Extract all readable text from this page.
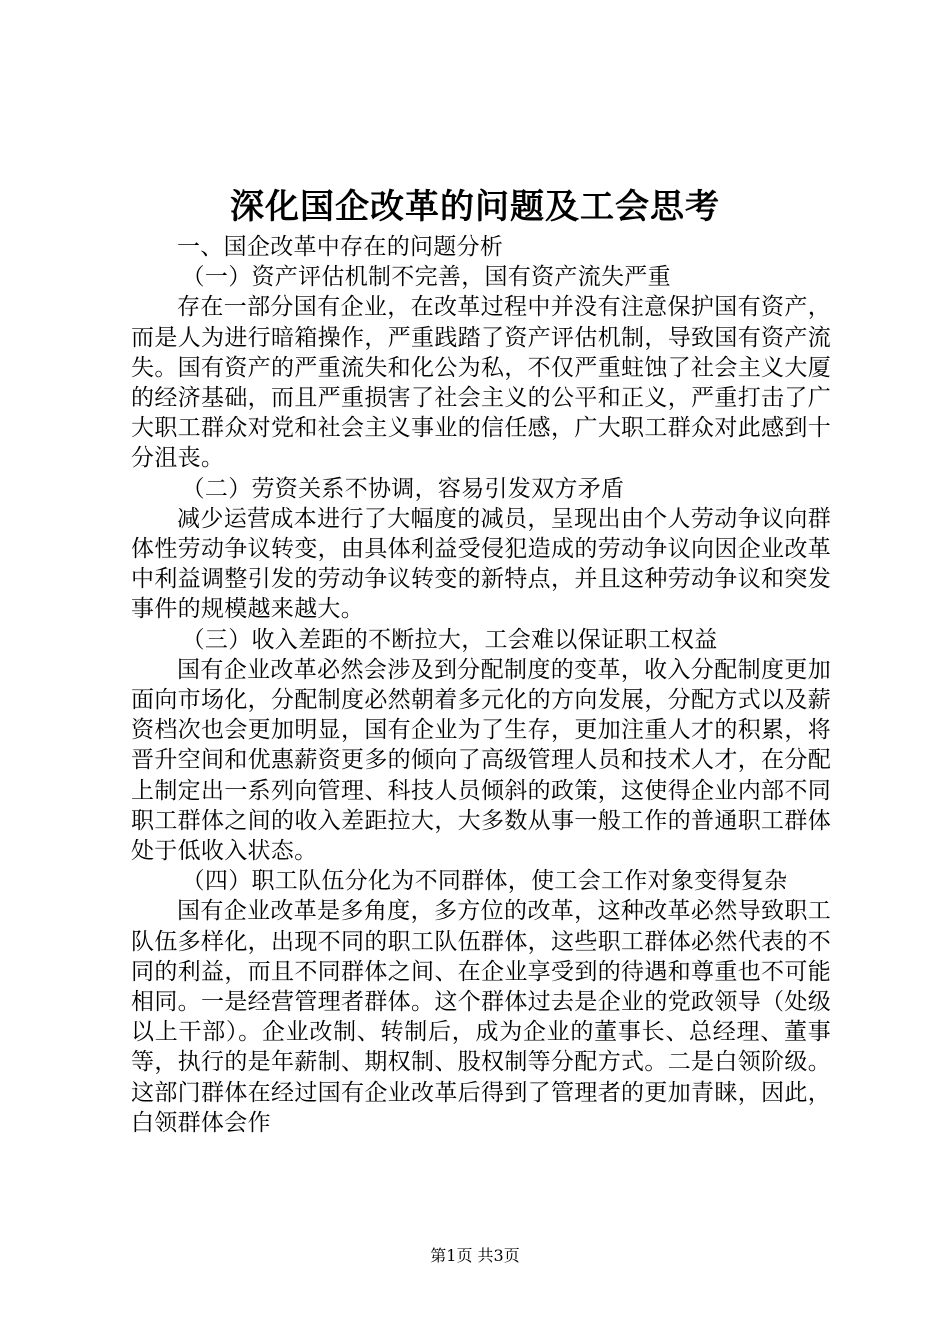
深化国企改革的问题及工会思考

一、国企改革中存在的问题分析

（一）资产评估机制不完善，国有资产流失严重

存在一部分国有企业，在改革过程中并没有注意保护国有资产，而是人为进行暗箱操作，严重践踏了资产评估机制，导致国有资产流失。国有资产的严重流失和化公为私，不仅严重蛀蚀了社会主义大厦的经济基础，而且严重损害了社会主义的公平和正义，严重打击了广大职工群众对党和社会主义事业的信任感，广大职工群众对此感到十分沮丧。

（二）劳资关系不协调，容易引发双方矛盾

减少运营成本进行了大幅度的减员，呈现出由个人劳动争议向群体性劳动争议转变，由具体利益受侵犯造成的劳动争议向因企业改革中利益调整引发的劳动争议转变的新特点，并且这种劳动争议和突发事件的规模越来越大。

（三）收入差距的不断拉大，工会难以保证职工权益

国有企业改革必然会涉及到分配制度的变革，收入分配制度更加面向市场化，分配制度必然朝着多元化的方向发展，分配方式以及薪资档次也会更加明显，国有企业为了生存，更加注重人才的积累，将晋升空间和优惠薪资更多的倾向了高级管理人员和技术人才，在分配上制定出一系列向管理、科技人员倾斜的政策，这使得企业内部不同职工群体之间的收入差距拉大，大多数从事一般工作的普通职工群体处于低收入状态。

（四）职工队伍分化为不同群体，使工会工作对象变得复杂

国有企业改革是多角度，多方位的改革，这种改革必然导致职工队伍多样化，出现不同的职工队伍群体，这些职工群体必然代表的不同的利益，而且不同群体之间、在企业享受到的待遇和尊重也不可能相同。一是经营管理者群体。这个群体过去是企业的党政领导（处级以上干部）。企业改制、转制后，成为企业的董事长、总经理、董事等，执行的是年薪制、期权制、股权制等分配方式。二是白领阶级。这部门群体在经过国有企业改革后得到了管理者的更加青睐，因此，白领群体会作

第1页 共3页
